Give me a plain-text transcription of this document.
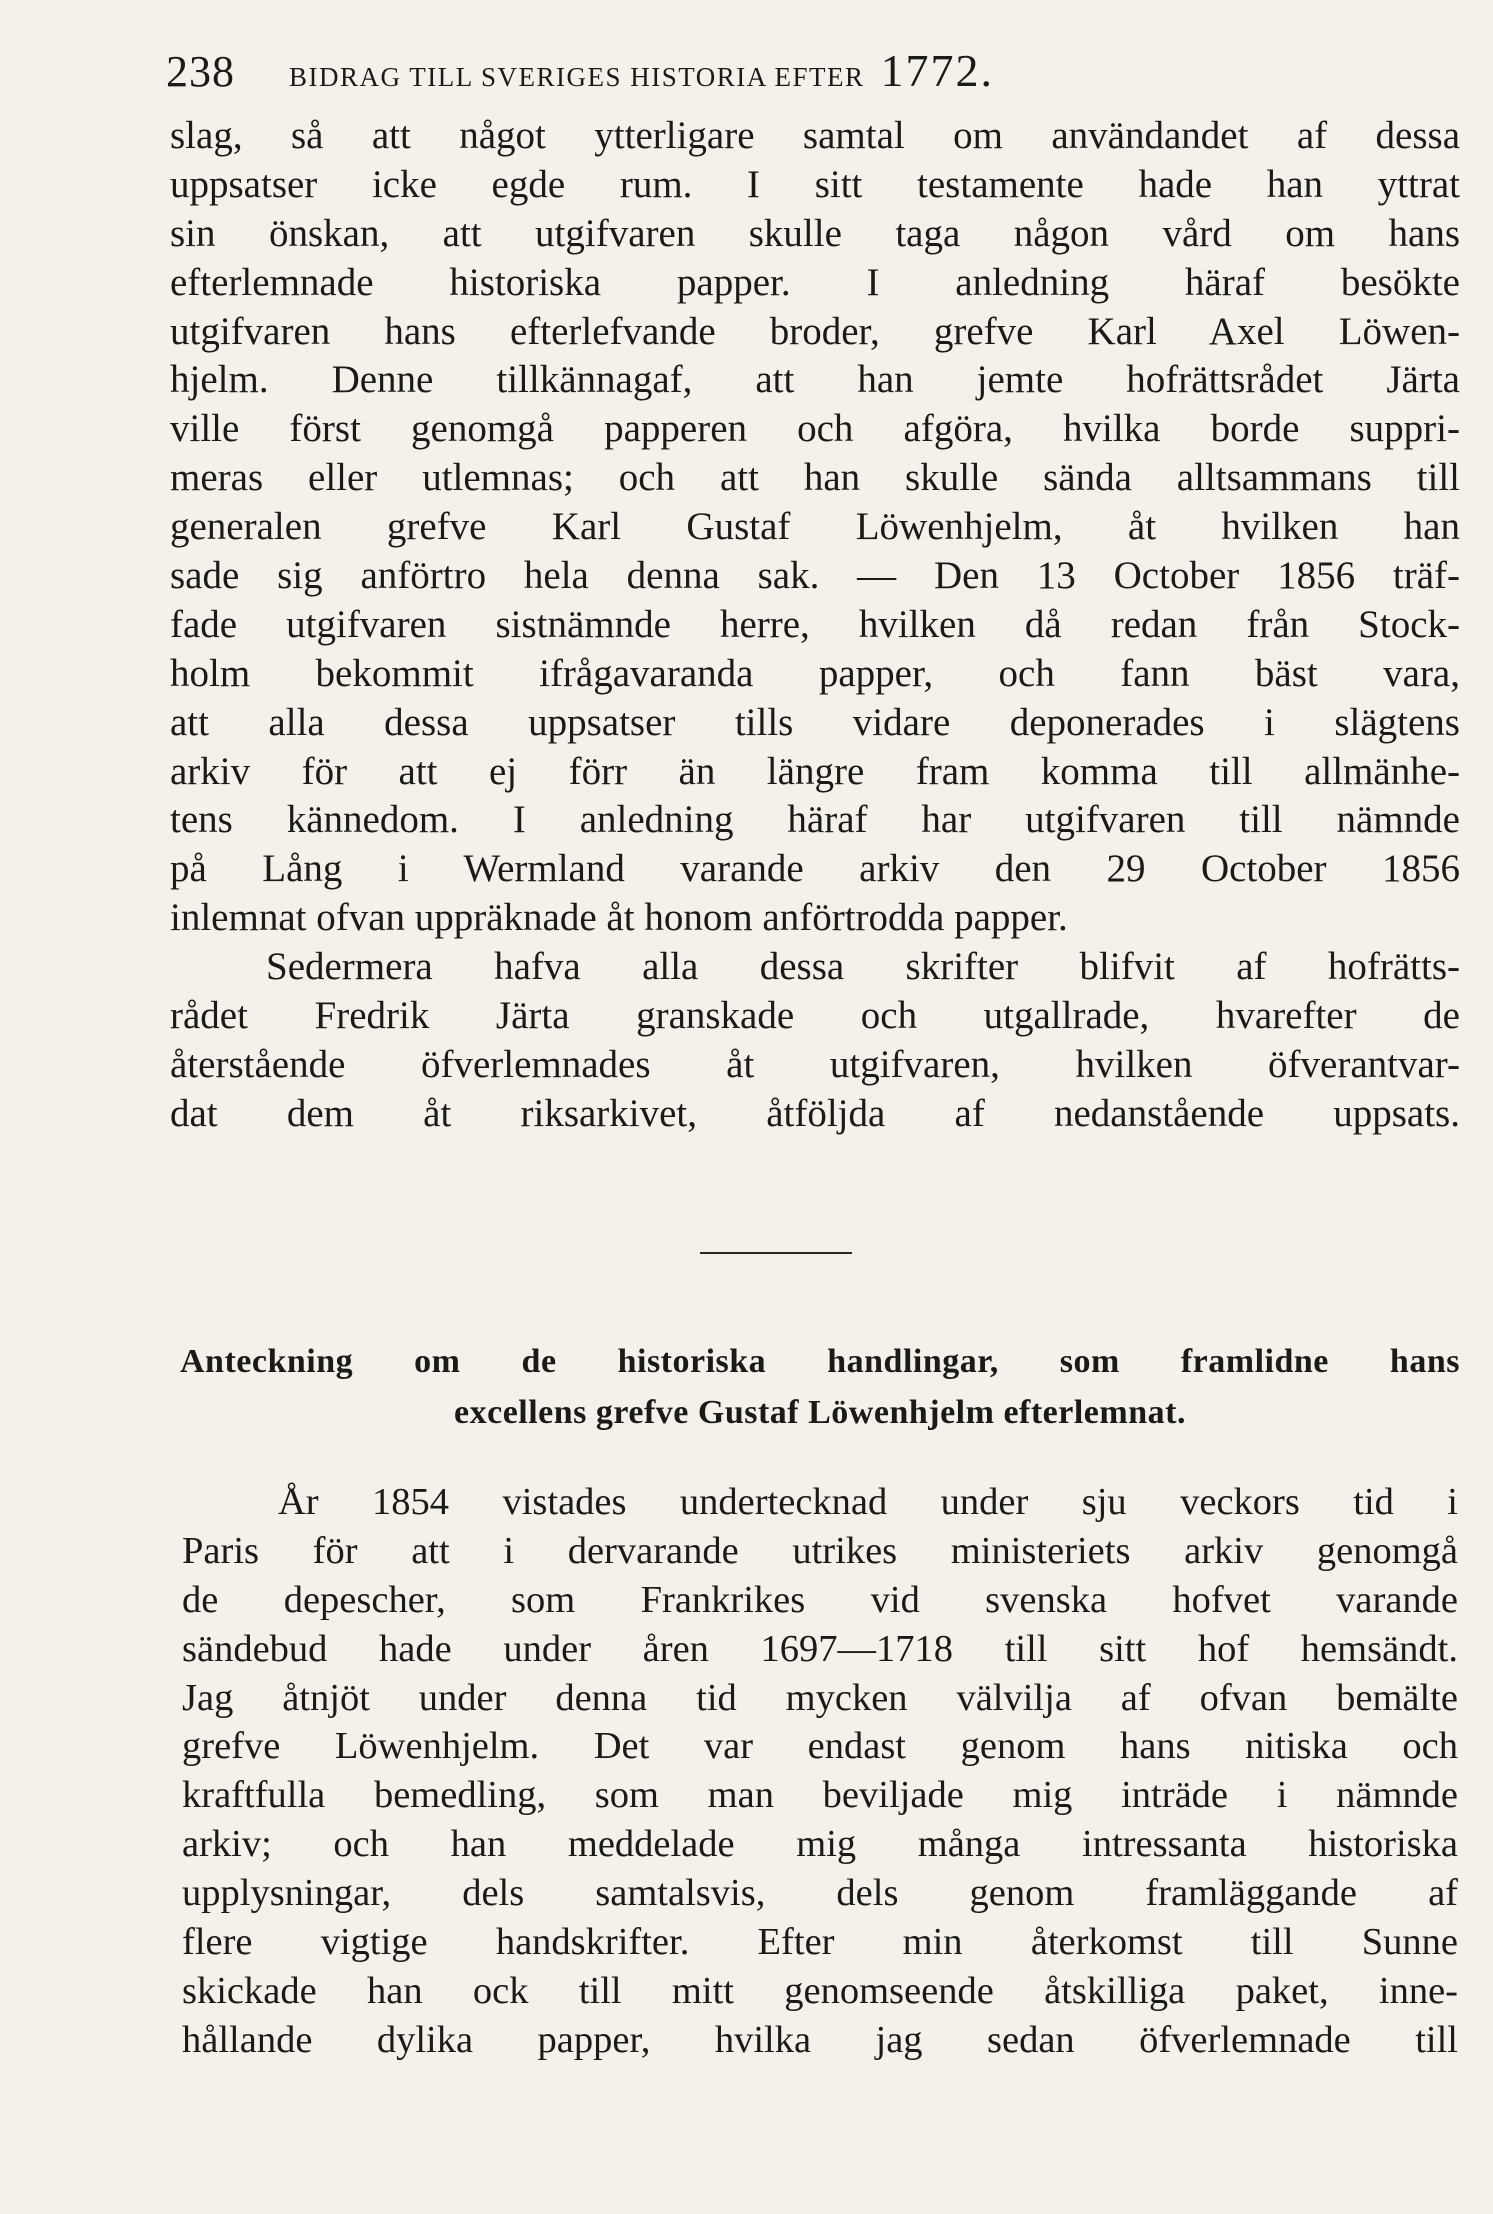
238 BIDRAG TILL SVERIGES HISTORIA EFTER 1772.
slag, så att något ytterligare samtal om användandet af dessa
uppsatser icke egde rum. I sitt testamente hade han yttrat
sin önskan, att utgifvaren skulle taga någon vård om hans
efterlemnade historiska papper. I anledning häraf besökte
utgifvaren hans efterlefvande broder, grefve Karl Axel Löwen-
hjelm. Denne tillkännagaf, att han jemte hofrättsrådet Järta
ville först genomgå papperen och afgöra, hvilka borde suppri-
meras eller utlemnas; och att han skulle sända alltsammans till
generalen grefve Karl Gustaf Löwenhjelm, åt hvilken han
sade sig anförtro hela denna sak. — Den 13 October 1856 träf-
fade utgifvaren sistnämnde herre, hvilken då redan från Stock-
holm bekommit ifrågavaranda papper, och fann bäst vara,
att alla dessa uppsatser tills vidare deponerades i slägtens
arkiv för att ej förr än längre fram komma till allmänhe-
tens kännedom. I anledning häraf har utgifvaren till nämnde
på Lång i Wermland varande arkiv den 29 October 1856
inlemnat ofvan uppräknade åt honom anförtrodda papper.
Sedermera hafva alla dessa skrifter blifvit af hofrätts-
rådet Fredrik Järta granskade och utgallrade, hvarefter de
återstående öfverlemnades åt utgifvaren, hvilken öfverantvar-
dat dem åt riksarkivet, åtföljda af nedanstående uppsats.
Anteckning om de historiska handlingar, som framlidne hans
excellens grefve Gustaf Löwenhjelm efterlemnat.
År 1854 vistades undertecknad under sju veckors tid i
Paris för att i dervarande utrikes ministeriets arkiv genomgå
de depescher, som Frankrikes vid svenska hofvet varande
sändebud hade under åren 1697—1718 till sitt hof hemsändt.
Jag åtnjöt under denna tid mycken välvilja af ofvan bemälte
grefve Löwenhjelm. Det var endast genom hans nitiska och
kraftfulla bemedling, som man beviljade mig inträde i nämnde
arkiv; och han meddelade mig många intressanta historiska
upplysningar, dels samtalsvis, dels genom framläggande af
flere vigtige handskrifter. Efter min återkomst till Sunne
skickade han ock till mitt genomseende åtskilliga paket, inne-
hållande dylika papper, hvilka jag sedan öfverlemnade till
